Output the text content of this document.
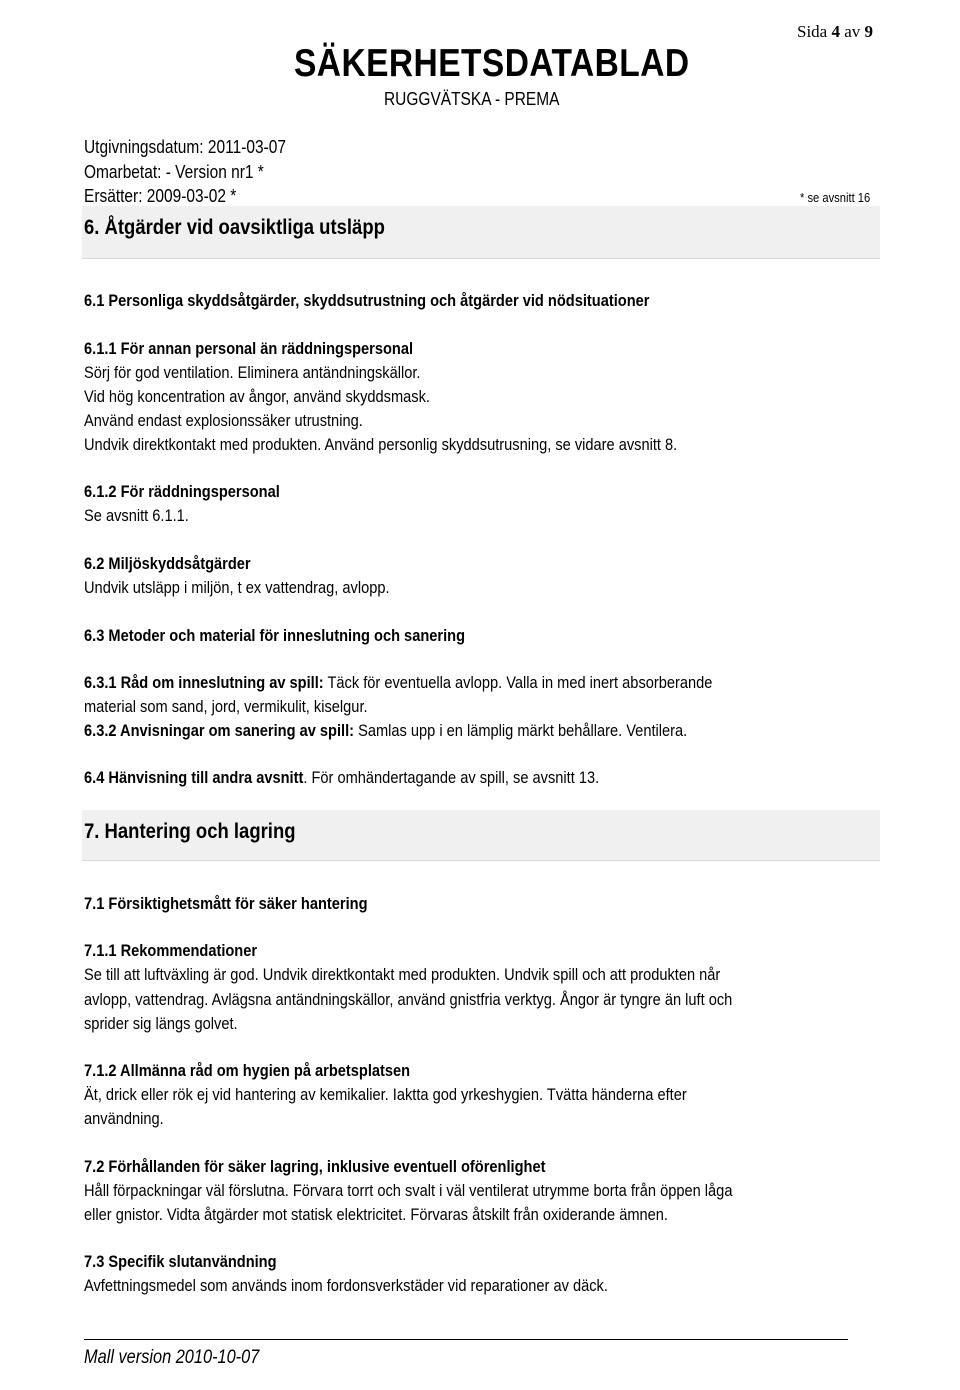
Sida 4 av 9
SÄKERHETSDATABLAD
RUGGVÄTSKA - PREMA
Utgivningsdatum: 2011-03-07
Omarbetat: - Version nr1 *
Ersätter: 2009-03-02 *	* se avsnitt 16
6. Åtgärder vid oavsiktliga utsläpp
6.1 Personliga skyddsåtgärder, skyddsutrustning och åtgärder vid nödsituationer
6.1.1 För annan personal än räddningspersonal
Sörj för god ventilation. Eliminera antändningskällor.
Vid hög koncentration av ångor, använd skyddsmask.
Använd endast explosionssäker utrustning.
Undvik direktkontakt med produkten. Använd personlig skyddsutrusning, se vidare avsnitt 8.
6.1.2 För räddningspersonal
Se avsnitt 6.1.1.
6.2 Miljöskyddsåtgärder
Undvik utsläpp i miljön, t ex vattendrag, avlopp.
6.3 Metoder och material för inneslutning och sanering
6.3.1 Råd om inneslutning av spill: Täck för eventuella avlopp. Valla in med inert absorberande
material som sand, jord, vermikulit, kiselgur.
6.3.2 Anvisningar om sanering av spill: Samlas upp i en lämplig märkt behållare. Ventilera.
6.4 Hänvisning till andra avsnitt. För omhändertagande av spill, se avsnitt 13.
7. Hantering och lagring
7.1 Försiktighetsmått för säker hantering
7.1.1 Rekommendationer
Se till att luftväxling är god. Undvik direktkontakt med produkten. Undvik spill och att produkten når
avlopp, vattendrag. Avlägsna antändningskällor, använd gnistfria verktyg. Ångor är tyngre än luft och
sprider sig längs golvet.
7.1.2 Allmänna råd om hygien på arbetsplatsen
Ät, drick eller rök ej vid hantering av kemikalier. Iaktta god yrkeshygien. Tvätta händerna efter
användning.
7.2 Förhållanden för säker lagring, inklusive eventuell oförenlighet
Håll förpackningar väl förslutna. Förvara torrt och svalt i väl ventilerat utrymme borta från öppen låga
eller gnistor. Vidta åtgärder mot statisk elektricitet. Förvaras åtskilt från oxiderande ämnen.
7.3 Specifik slutanvändning
Avfettningsmedel som används inom fordonsverkstäder vid reparationer av däck.
Mall version 2010-10-07
